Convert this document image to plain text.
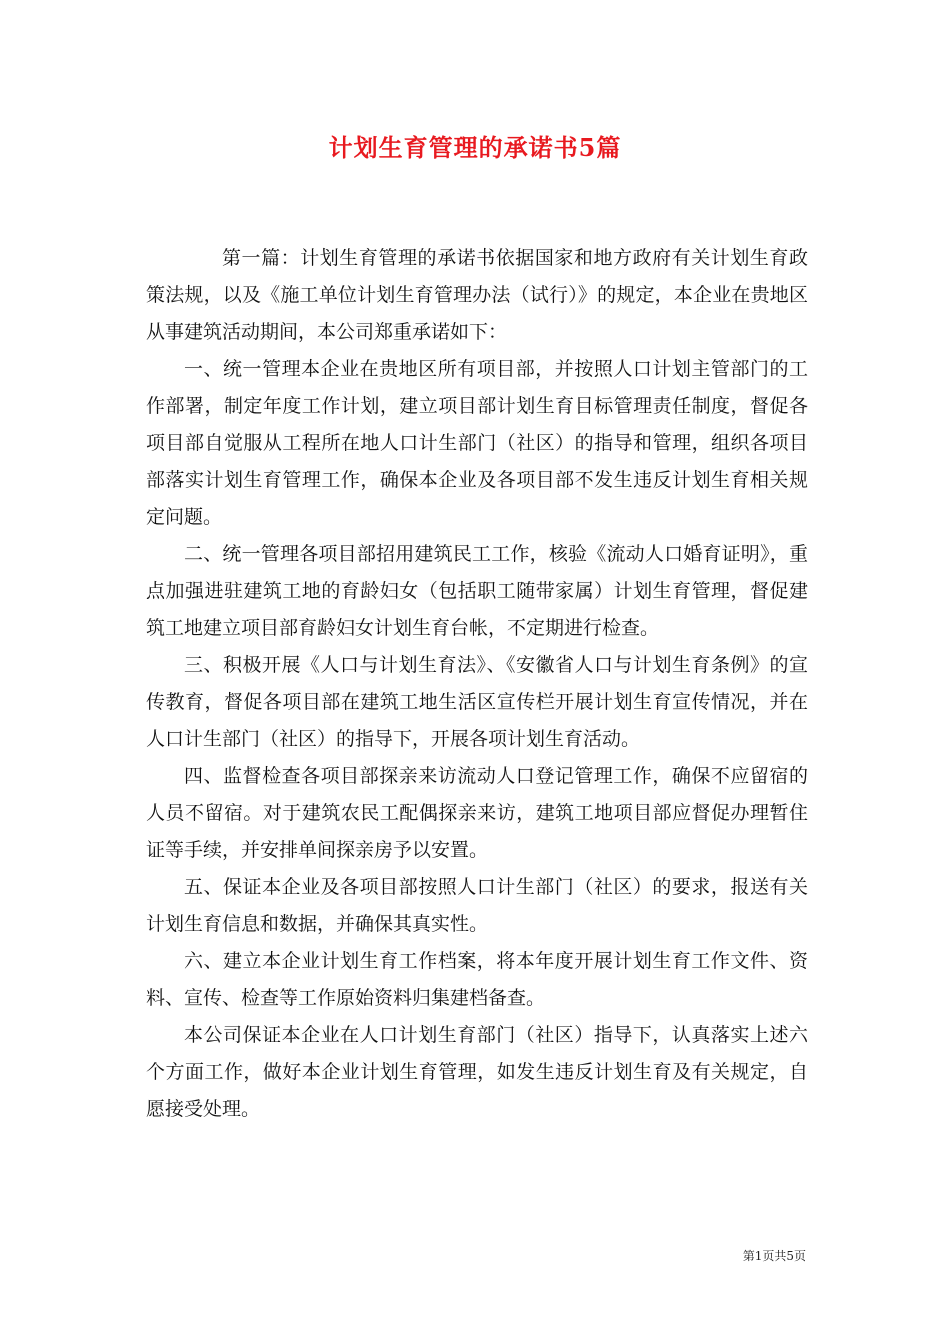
计划生育管理的承诺书5篇

第一篇：计划生育管理的承诺书依据国家和地方政府有关计划生育政策法规，以及《施工单位计划生育管理办法（试行）》的规定，本企业在贵地区从事建筑活动期间，本公司郑重承诺如下：

一、统一管理本企业在贵地区所有项目部，并按照人口计划主管部门的工作部署，制定年度工作计划，建立项目部计划生育目标管理责任制度，督促各项目部自觉服从工程所在地人口计生部门（社区）的指导和管理，组织各项目部落实计划生育管理工作，确保本企业及各项目部不发生违反计划生育相关规定问题。

二、统一管理各项目部招用建筑民工工作，核验《流动人口婚育证明》，重点加强进驻建筑工地的育龄妇女（包括职工随带家属）计划生育管理，督促建筑工地建立项目部育龄妇女计划生育台帐，不定期进行检查。

三、积极开展《人口与计划生育法》、《安徽省人口与计划生育条例》的宣传教育，督促各项目部在建筑工地生活区宣传栏开展计划生育宣传情况，并在人口计生部门（社区）的指导下，开展各项计划生育活动。

四、监督检查各项目部探亲来访流动人口登记管理工作，确保不应留宿的人员不留宿。对于建筑农民工配偶探亲来访，建筑工地项目部应督促办理暂住证等手续，并安排单间探亲房予以安置。

五、保证本企业及各项目部按照人口计生部门（社区）的要求，报送有关计划生育信息和数据，并确保其真实性。

六、建立本企业计划生育工作档案，将本年度开展计划生育工作文件、资料、宣传、检查等工作原始资料归集建档备查。

本公司保证本企业在人口计划生育部门（社区）指导下，认真落实上述六个方面工作，做好本企业计划生育管理，如发生违反计划生育及有关规定，自愿接受处理。

第1页共5页
